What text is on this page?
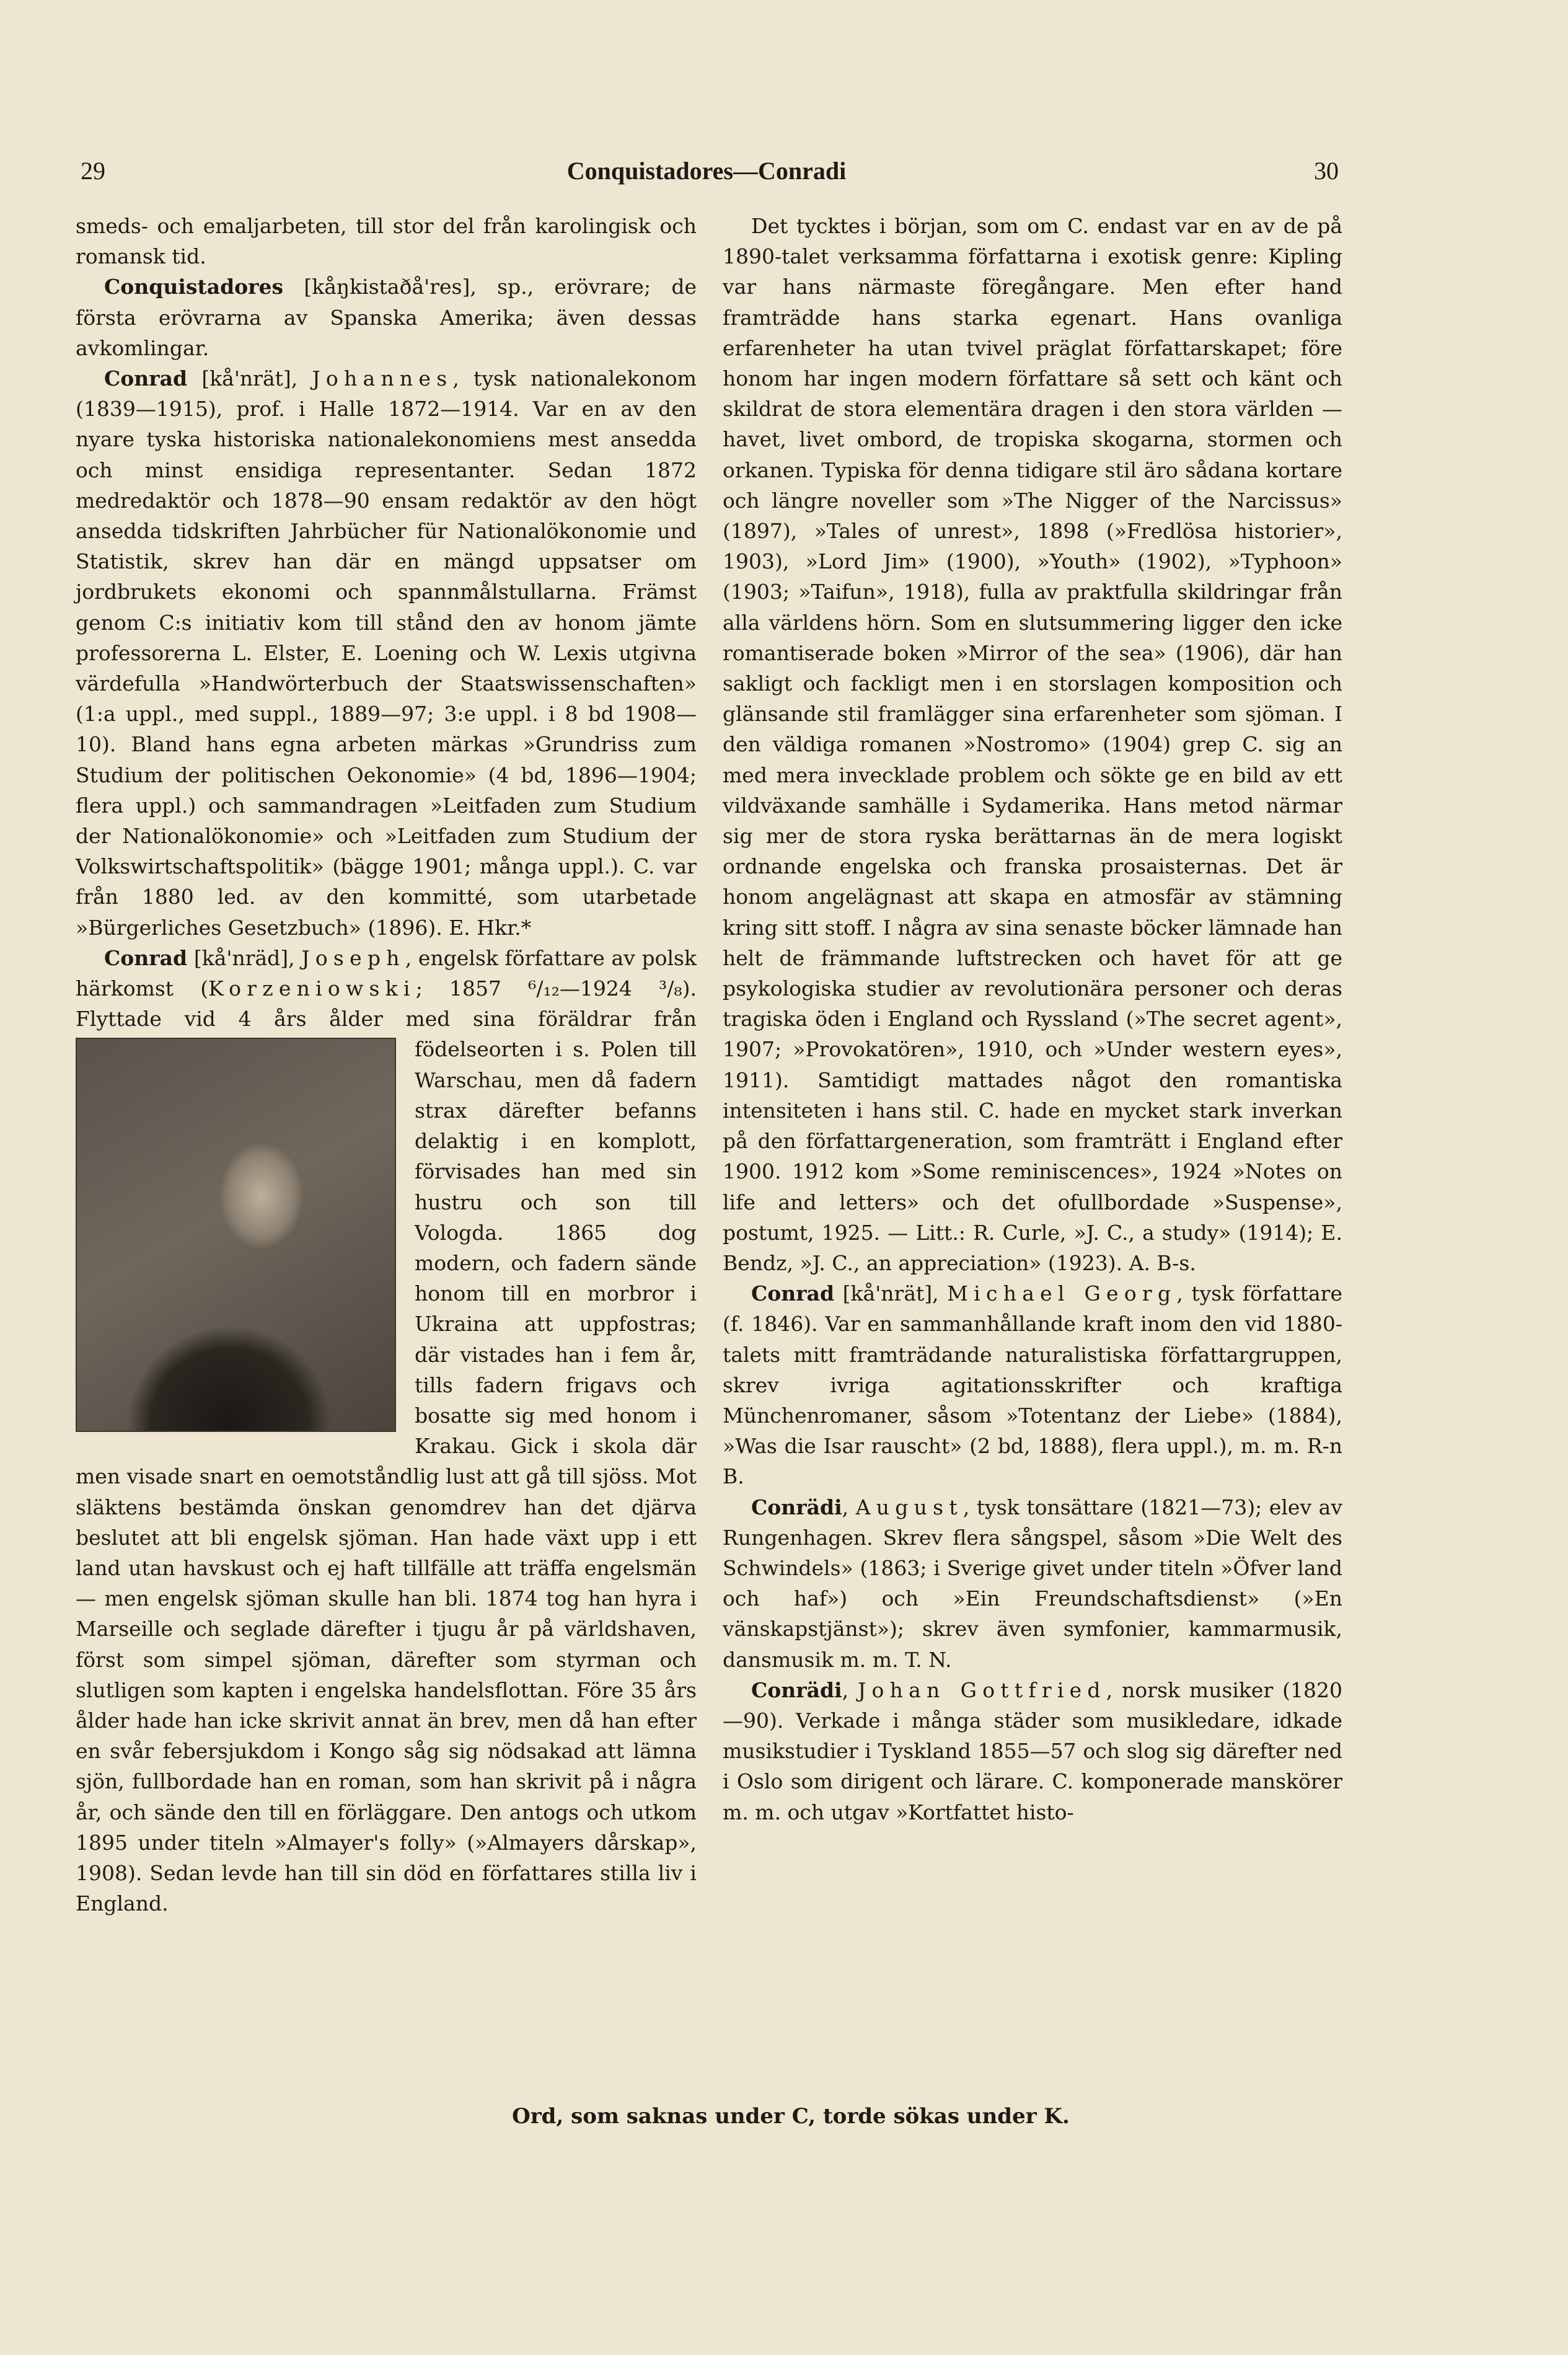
29	Conquistadores—Conradi	30

smeds- och emaljarbeten, till stor del från karolingisk och romansk tid.

Conquistadores [kåŋkistaðå'res], sp., erövrare; de första erövrarna av Spanska Amerika; även dessas avkomlingar.

Conrad [kå'nrät], Johannes, tysk nationalekonom (1839—1915), prof. i Halle 1872—1914. Var en av den nyare tyska historiska nationalekonomiens mest ansedda och minst ensidiga representanter. Sedan 1872 medredaktör och 1878—90 ensam redaktör av den högt ansedda tidskriften Jahrbücher für Nationalökonomie und Statistik, skrev han där en mängd uppsatser om jordbrukets ekonomi och spannmålstullarna. Främst genom C:s initiativ kom till stånd den av honom jämte professorerna L. Elster, E. Loening och W. Lexis utgivna värdefulla »Handwörterbuch der Staatswissenschaften» (1:a uppl., med suppl., 1889—97; 3:e uppl. i 8 bd 1908—10). Bland hans egna arbeten märkas »Grundriss zum Studium der politischen Oekonomie» (4 bd, 1896—1904; flera uppl.) och sammandragen »Leitfaden zum Studium der Nationalökonomie» och »Leitfaden zum Studium der Volkswirtschaftspolitik» (bägge 1901; många uppl.). C. var från 1880 led. av den kommitté, som utarbetade »Bürgerliches Gesetzbuch» (1896). E. Hkr.*

Conrad [kå'nräd], Joseph, engelsk författare av polsk härkomst (Korzeniowski; 1857 ⁶/₁₂—1924 ³/₈). Flyttade vid 4 års ålder med sina föräldrar från födelseorten i
s. Polen till Warschau, men då fadern strax därefter befanns delaktig i en komplott, förvisades han med sin hustru och son till Vologda. 1865 dog modern, och fadern sände honom till en morbror i Ukraina att uppfostras; där vistades han i fem år, tills fadern frigavs och bosatte sig med honom i Krakau. Gick i skola där men visade snart en oemotståndlig lust att gå till sjöss. Mot släktens bestämda önskan genomdrev han det djärva beslutet att bli engelsk sjöman. Han hade växt upp i ett land utan havskust och ej haft tillfälle att träffa engelsmän — men engelsk sjöman skulle han bli. 1874 tog han hyra i Marseille och seglade därefter i tjugu år på världshaven, först som simpel sjöman, därefter som styrman och slutligen som kapten i engelska handelsflottan. Före 35 års ålder hade han icke skrivit annat än brev, men då han efter en svår febersjukdom i Kongo såg sig nödsakad att lämna sjön, fullbordade han en roman, som han skrivit på i några år, och sände den till en förläggare. Den antogs och utkom 1895 under titeln »Almayer's folly» (»Almayers dårskap», 1908). Sedan levde han till sin död en författares stilla liv i England.

Det tycktes i början, som om C. endast var en av de på 1890-talet verksamma författarna i exotisk genre: Kipling var hans närmaste föregångare. Men efter hand framträdde hans starka egenart. Hans ovanliga erfarenheter ha utan tvivel präglat författarskapet; före honom har ingen modern författare så sett och känt och skildrat de stora elementära dragen i den stora världen — havet, livet ombord, de tropiska skogarna, stormen och orkanen. Typiska för denna tidigare stil äro sådana kortare och längre noveller som »The Nigger of the Narcissus» (1897), »Tales of unrest», 1898 (»Fredlösa historier», 1903), »Lord Jim» (1900), »Youth» (1902), »Typhoon» (1903; »Taifun», 1918), fulla av praktfulla skildringar från alla världens hörn. Som en slutsummering ligger den icke romantiserade boken »Mirror of the sea» (1906), där han sakligt och fackligt men i en storslagen komposition och glänsande stil framlägger sina erfarenheter som sjöman. I den väldiga romanen »Nostromo» (1904) grep C. sig an med mera invecklade problem och sökte ge en bild av ett vildväxande samhälle i Sydamerika. Hans metod närmar sig mer de stora ryska berättarnas än de mera logiskt ordnande engelska och franska prosaisternas. Det är honom angelägnast att skapa en atmosfär av stämning kring sitt stoff. I några av sina senaste böcker lämnade han helt de främmande luftstrecken och havet för att ge psykologiska studier av revolutionära personer och deras tragiska öden i England och Ryssland (»The secret agent», 1907; »Provokatören», 1910, och »Under western eyes», 1911). Samtidigt mattades något den romantiska intensiteten i hans stil. C. hade en mycket stark inverkan på den författargeneration, som framträtt i England efter 1900. 1912 kom »Some reminiscences», 1924 »Notes on life and letters» och det ofullbordade »Suspense», postumt, 1925. — Litt.: R. Curle, »J. C., a study» (1914); E. Bendz, »J. C., an appreciation» (1923). A. B-s.

Conrad [kå'nrät], Michael Georg, tysk författare (f. 1846). Var en sammanhållande kraft inom den vid 1880-talets mitt framträdande naturalistiska författargruppen, skrev ivriga agitationsskrifter och kraftiga Münchenromaner, såsom »Totentanz der Liebe» (1884), »Was die Isar rauscht» (2 bd, 1888), flera uppl.), m. m. R-n B.

Conrädi, August, tysk tonsättare (1821—73); elev av Rungenhagen. Skrev flera sångspel, såsom »Die Welt des Schwindels» (1863; i Sverige givet under titeln »Öfver land och haf») och »Ein Freundschaftsdienst» (»En vänskapstjänst»); skrev även symfonier, kammarmusik, dansmusik m. m. T. N.

Conrädi, Johan Gottfried, norsk musiker (1820—90). Verkade i många städer som musikledare, idkade musikstudier i Tyskland 1855—57 och slog sig därefter ned i Oslo som dirigent och lärare. C. komponerade manskörer m. m. och utgav »Kortfattet histo-

Ord, som saknas under C, torde sökas under K.
